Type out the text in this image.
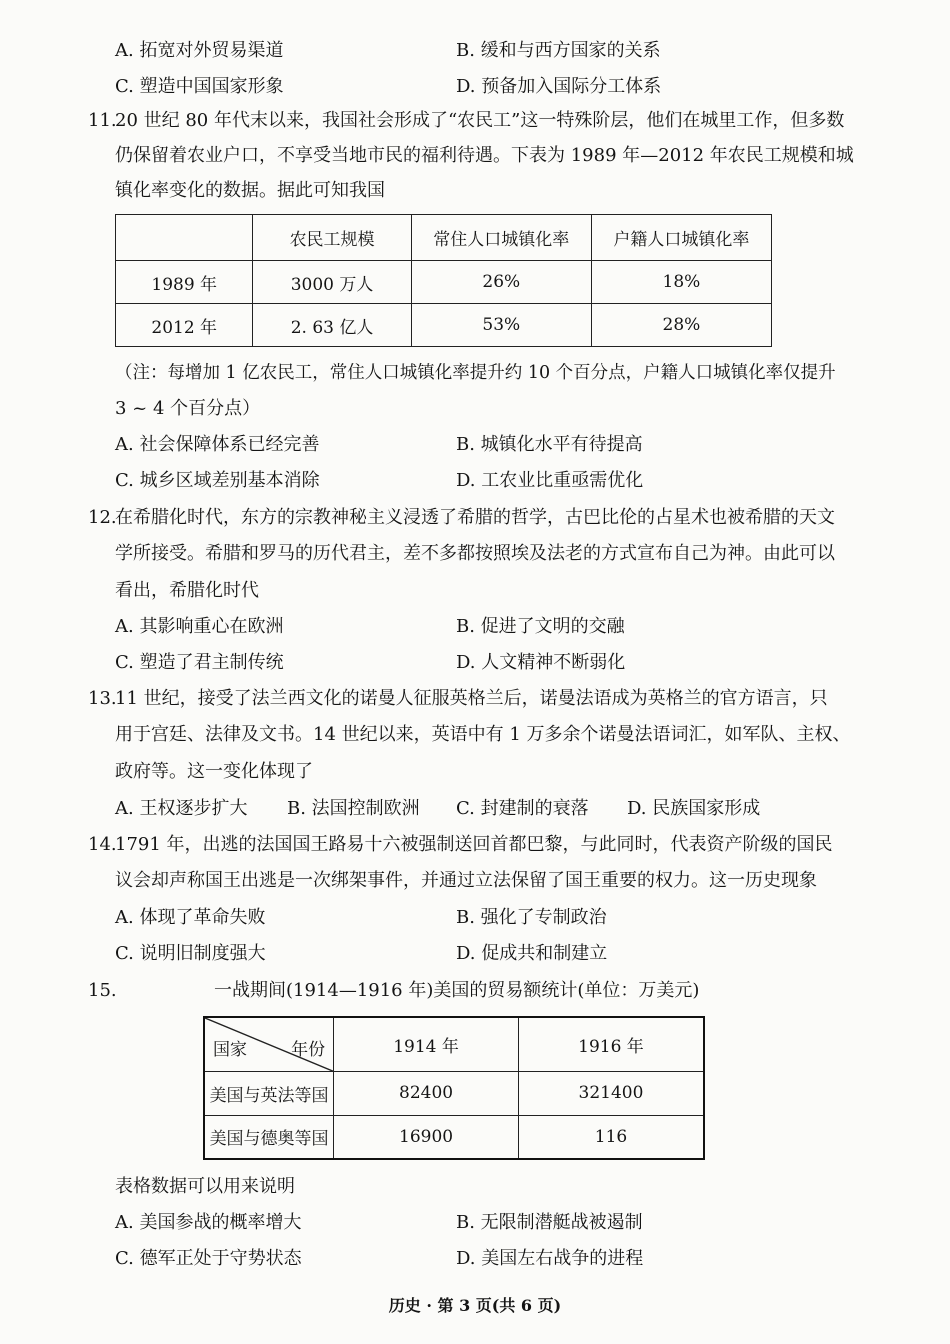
A. 拓宽对外贸易渠道	B. 缓和与西方国家的关系
C. 塑造中国国家形象	D. 预备加入国际分工体系
11.
20 世纪 80 年代末以来，我国社会形成了“农民工”这一特殊阶层，他们在城里工作，但多数
仍保留着农业户口，不享受当地市民的福利待遇。下表为 1989 年—2012 年农民工规模和城
镇化率变化的数据。据此可知我国
	农民工规模	常住人口城镇化率	户籍人口城镇化率
1989 年	3000 万人	26%	18%
2012 年	2. 63 亿人	53%	28%
（注：每增加 1 亿农民工，常住人口城镇化率提升约 10 个百分点，户籍人口城镇化率仅提升
3 ~ 4 个百分点）
A. 社会保障体系已经完善	B. 城镇化水平有待提高
C. 城乡区域差别基本消除	D. 工农业比重亟需优化
12.
在希腊化时代，东方的宗教神秘主义浸透了希腊的哲学，古巴比伦的占星术也被希腊的天文
学所接受。希腊和罗马的历代君主，差不多都按照埃及法老的方式宣布自己为神。由此可以
看出，希腊化时代
A. 其影响重心在欧洲	B. 促进了文明的交融
C. 塑造了君主制传统	D. 人文精神不断弱化
13.
11 世纪，接受了法兰西文化的诺曼人征服英格兰后，诺曼法语成为英格兰的官方语言，只
用于宫廷、法律及文书。14 世纪以来，英语中有 1 万多余个诺曼法语词汇，如军队、主权、
政府等。这一变化体现了
A. 王权逐步扩大 B. 法国控制欧洲 C. 封建制的衰落 D. 民族国家形成
14.
1791 年，出逃的法国国王路易十六被强制送回首都巴黎，与此同时，代表资产阶级的国民
议会却声称国王出逃是一次绑架事件，并通过立法保留了国王重要的权力。这一历史现象
A. 体现了革命失败	B. 强化了专制政治
C. 说明旧制度强大	D. 促成共和制建立
15.	一战期间(1914—1916 年)美国的贸易额统计(单位：万美元)
国家 年份	1914 年	1916 年
美国与英法等国	82400	321400
美国与德奥等国	16900	116
表格数据可以用来说明
A. 美国参战的概率增大	B. 无限制潜艇战被遏制
C. 德军正处于守势状态	D. 美国左右战争的进程
历史 · 第 3 页(共 6 页)
